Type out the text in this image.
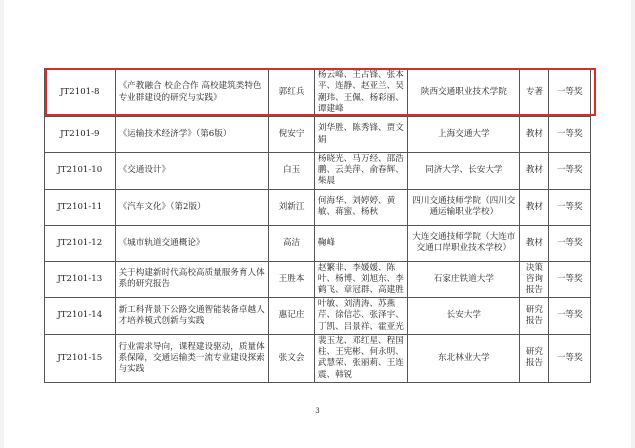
JT2101-8	《产教融合 校企合作 高校建筑类特色专业群建设的研究与实践》	郭红兵	杨云峰、王占锋、张本平、连静、赵亚兰、吴潮玮、王佩、杨彩丽、谭建峰	陕西交通职业技术学院	专著	一等奖
JT2101-9	《运输技术经济学》（第6版）	倪安宁	刘华胜、陈秀锋、贾文娟	上海交通大学	教材	一等奖
JT2101-10	《交通设计》	白玉	杨晓光、马万经、邵浩鹏、云美萍、俞春辉、柴晨	同济大学、长安大学	教材	一等奖
JT2101-11	《汽车文化》（第2版）	刘新江	何海华、刘婷婷、黄敏、蒋蜜、杨秋	四川交通技师学院（四川交通运输职业学校）	教材	一等奖
JT2101-12	《城市轨道交通概论》	高洁	鞠峰	大连交通技师学院（大连市交通口岸职业技术学校）	教材	一等奖
JT2101-13	关于构建新时代高校高质量服务育人体系的研究报告	王胜本	赵繁非、李媛媛、陈叶、杨博、刘旭东、李鹤飞、章冠群、高建胜	石家庄铁道大学	决策咨询报告	一等奖
JT2101-14	新工科背景下公路交通智能装备卓越人才培养模式创新与实践	惠记庄	叶敏、刘清涛、苏燕芹、徐信芯、张泽宇、丁凯、吕景祥、霍亚光	长安大学	研究报告	一等奖
JT2101-15	行业需求导向，课程建设驱动，质量体系保障，交通运输类一流专业建设探索与实践	张文会	裴玉龙、邓红星、程国柱、王宪彬、何永明、武慧荣、张丽莉、王连震、韩锐	东北林业大学	研究报告	一等奖
3
